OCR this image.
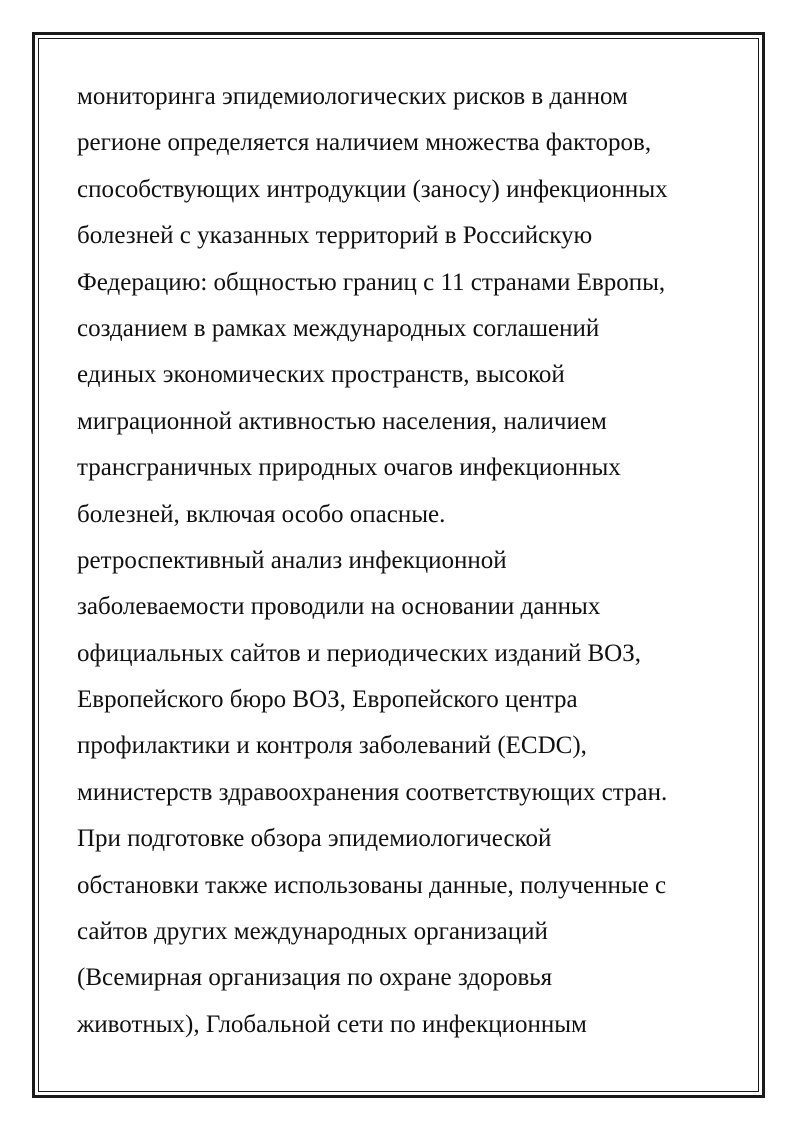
мониторинга эпидемиологических рисков в данном
регионе определяется наличием множества факторов,
способствующих интродукции (заносу) инфекционных
болезней с указанных территорий в Российскую
Федерацию: общностью границ с 11 странами Европы,
созданием в рамках международных соглашений
единых экономических пространств, высокой
миграционной активностью населения, наличием
трансграничных природных очагов инфекционных
болезней, включая особо опасные.
ретроспективный анализ инфекционной
заболеваемости проводили на основании данных
официальных сайтов и периодических изданий ВОЗ,
Европейского бюро ВОЗ, Европейского центра
профилактики и контроля заболеваний (ECDC),
министерств здравоохранения соответствующих стран.
При подготовке обзора эпидемиологической
обстановки также использованы данные, полученные с
сайтов других международных организаций
(Всемирная организация по охране здоровья
животных), Глобальной сети по инфекционным
